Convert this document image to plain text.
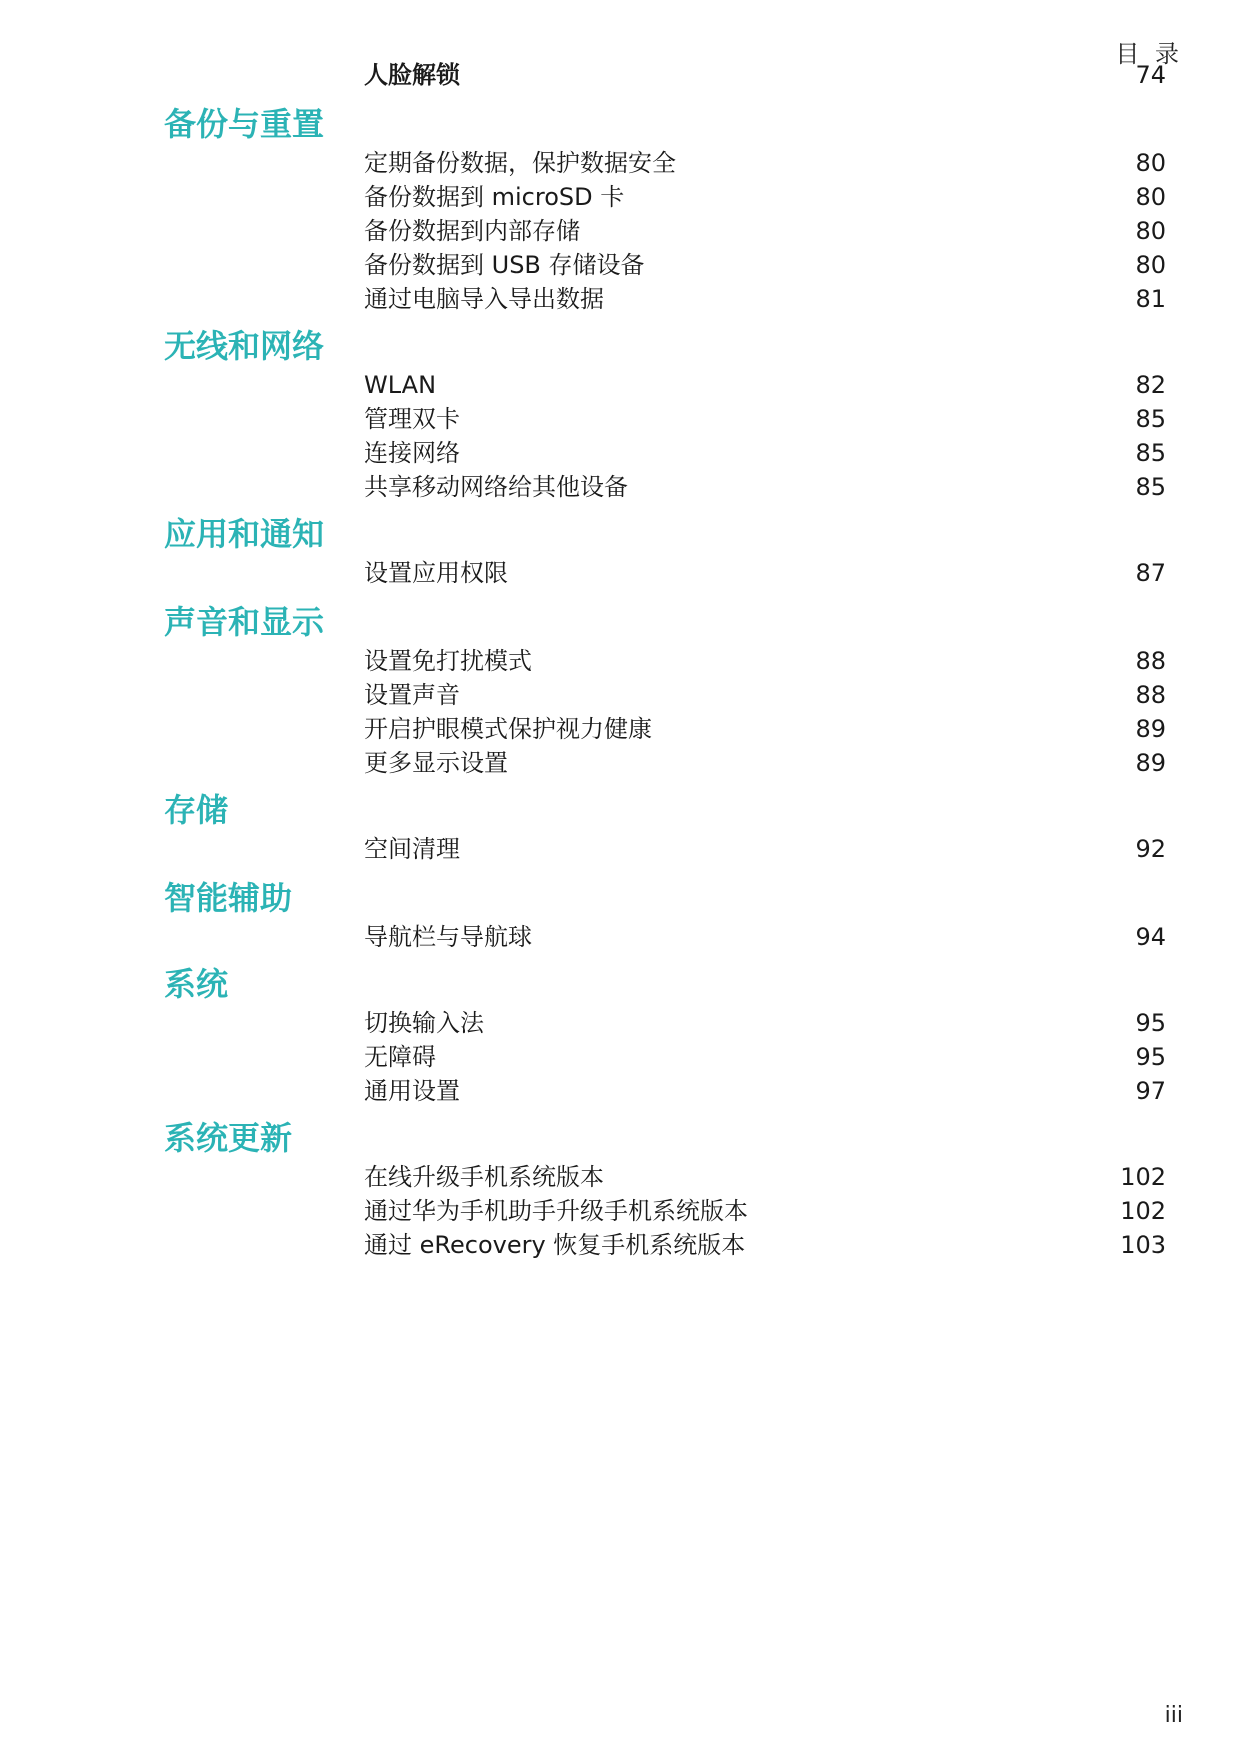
目 录
人脸解锁	74
备份与重置
定期备份数据，保护数据安全	80
备份数据到 microSD 卡	80
备份数据到内部存储	80
备份数据到 USB 存储设备	80
通过电脑导入导出数据	81
无线和网络
WLAN	82
管理双卡	85
连接网络	85
共享移动网络给其他设备	85
应用和通知
设置应用权限	87
声音和显示
设置免打扰模式	88
设置声音	88
开启护眼模式保护视力健康	89
更多显示设置	89
存储
空间清理	92
智能辅助
导航栏与导航球	94
系统
切换输入法	95
无障碍	95
通用设置	97
系统更新
在线升级手机系统版本	102
通过华为手机助手升级手机系统版本	102
通过 eRecovery 恢复手机系统版本	103
iii
